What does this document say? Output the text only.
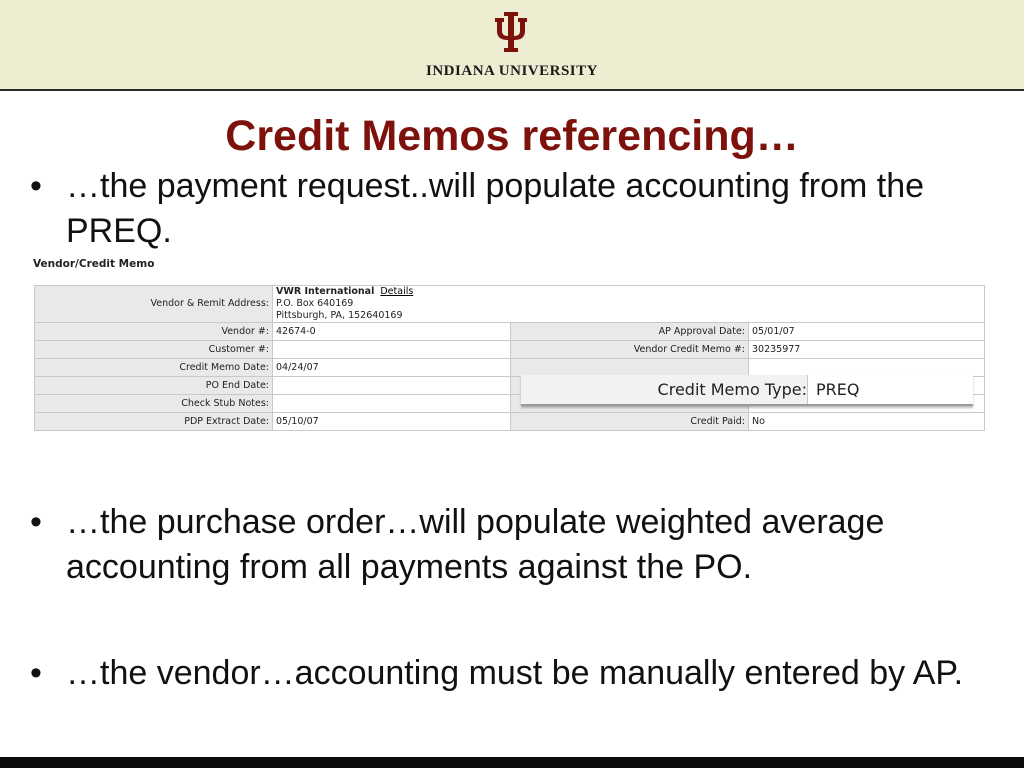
INDIANA UNIVERSITY
Credit Memos referencing…
• …the payment request..will populate accounting from the PREQ.
Vendor/Credit Memo
Vendor & Remit Address:	VWR International Details
P.O. Box 640169
Pittsburgh, PA, 152640169		
Vendor #:	42674-0	AP Approval Date:	05/01/07
Customer #:		Vendor Credit Memo #:	30235977
Credit Memo Date:	04/24/07		
PO End Date:			
Check Stub Notes:			
PDP Extract Date:	05/10/07	Credit Paid:	No
Credit Memo Type: PREQ
• …the purchase order…will populate weighted average accounting from all payments against the PO.
• …the vendor…accounting must be manually entered by AP.
